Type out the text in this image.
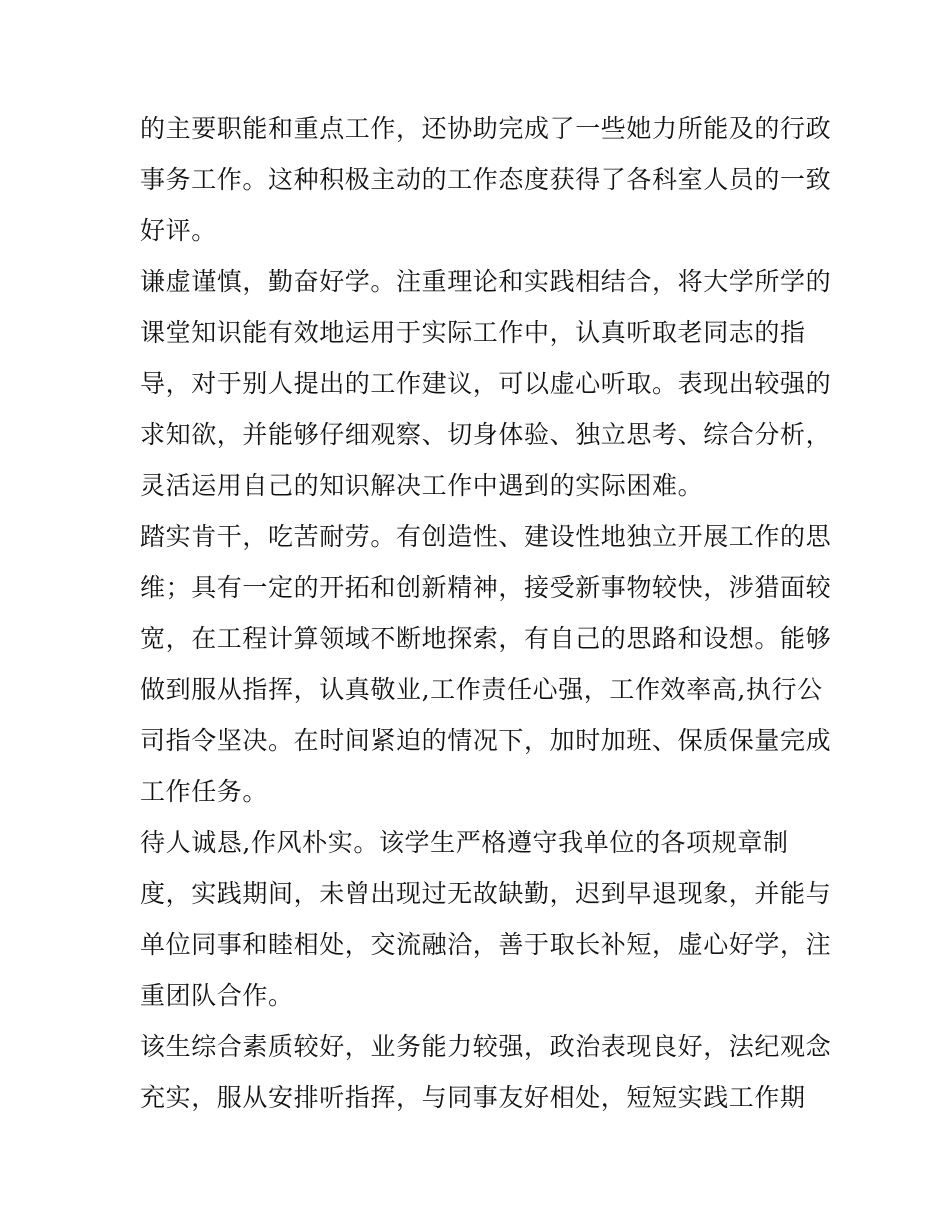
的主要职能和重点工作，还协助完成了一些她力所能及的行政
事务工作。这种积极主动的工作态度获得了各科室人员的一致
好评。
谦虚谨慎，勤奋好学。注重理论和实践相结合，将大学所学的
课堂知识能有效地运用于实际工作中，认真听取老同志的指
导，对于别人提出的工作建议，可以虚心听取。表现出较强的
求知欲，并能够仔细观察、切身体验、独立思考、综合分析，
灵活运用自己的知识解决工作中遇到的实际困难。
踏实肯干，吃苦耐劳。有创造性、建设性地独立开展工作的思
维；具有一定的开拓和创新精神，接受新事物较快，涉猎面较
宽，在工程计算领域不断地探索，有自己的思路和设想。能够
做到服从指挥，认真敬业,工作责任心强，工作效率高,执行公
司指令坚决。在时间紧迫的情况下，加时加班、保质保量完成
工作任务。
待人诚恳,作风朴实。该学生严格遵守我单位的各项规章制
度，实践期间，未曾出现过无故缺勤，迟到早退现象，并能与
单位同事和睦相处，交流融洽，善于取长补短，虚心好学，注
重团队合作。
该生综合素质较好，业务能力较强，政治表现良好，法纪观念
充实，服从安排听指挥，与同事友好相处，短短实践工作期
